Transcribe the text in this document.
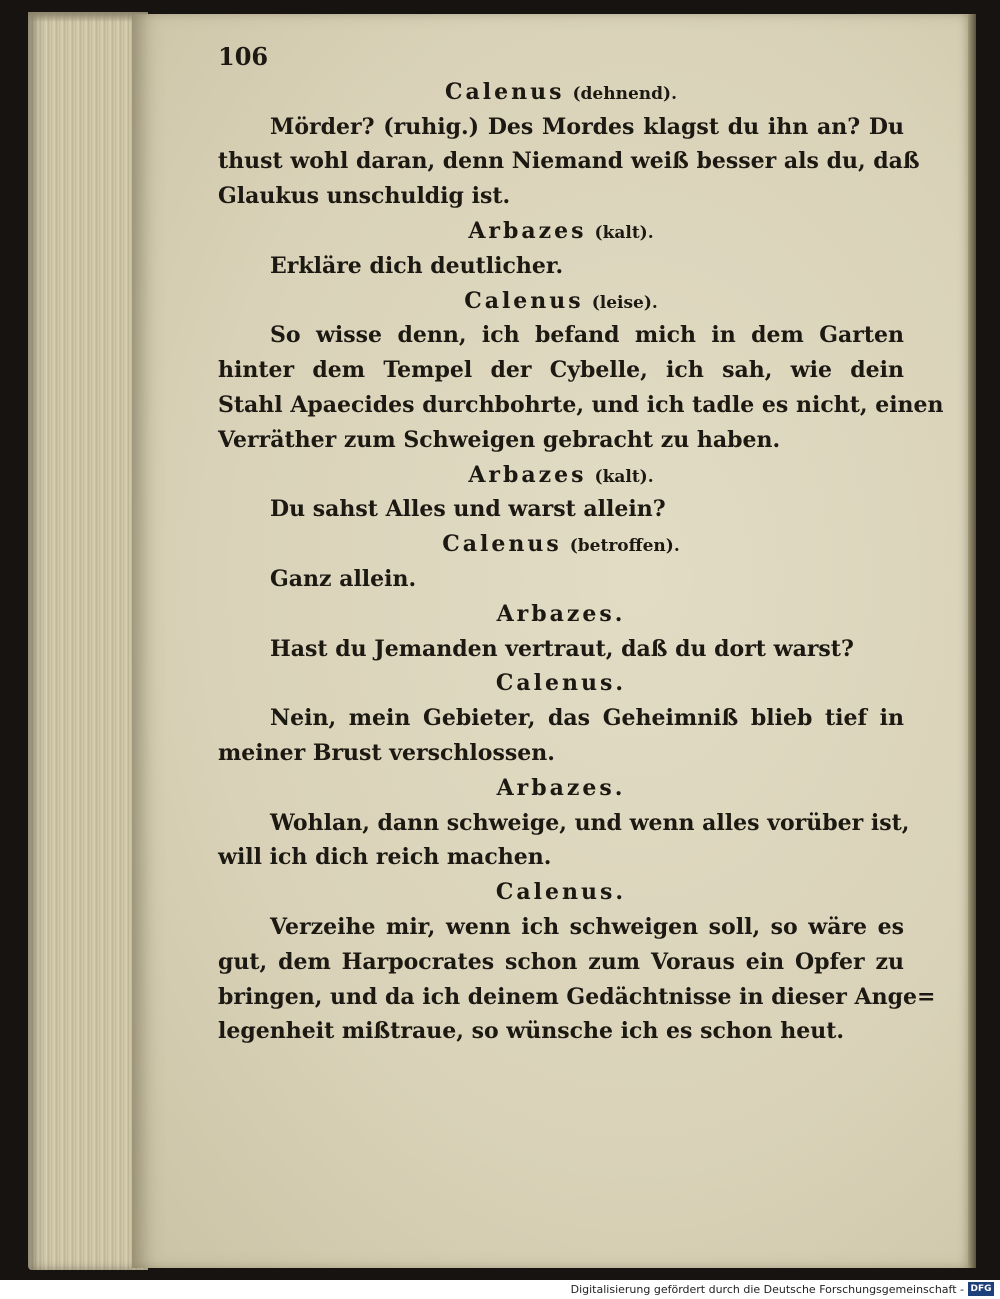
106
Calenus (dehnend).
Mörder? (ruhig.) Des Mordes klagst du ihn an? Du
thust wohl daran, denn Niemand weiß besser als du, daß
Glaukus unschuldig ist.
Arbazes (kalt).
Erkläre dich deutlicher.
Calenus (leise).
So wisse denn, ich befand mich in dem Garten
hinter dem Tempel der Cybelle, ich sah, wie dein
Stahl Apaecides durchbohrte, und ich tadle es nicht, einen
Verräther zum Schweigen gebracht zu haben.
Arbazes (kalt).
Du sahst Alles und warst allein?
Calenus (betroffen).
Ganz allein.
Arbazes.
Hast du Jemanden vertraut, daß du dort warst?
Calenus.
Nein, mein Gebieter, das Geheimniß blieb tief in
meiner Brust verschlossen.
Arbazes.
Wohlan, dann schweige, und wenn alles vorüber ist,
will ich dich reich machen.
Calenus.
Verzeihe mir, wenn ich schweigen soll, so wäre es
gut, dem Harpocrates schon zum Voraus ein Opfer zu
bringen, und da ich deinem Gedächtnisse in dieser Ange=
legenheit mißtraue, so wünsche ich es schon heut.
Digitalisierung gefördert durch die Deutsche Forschungsgemeinschaft - DFG
